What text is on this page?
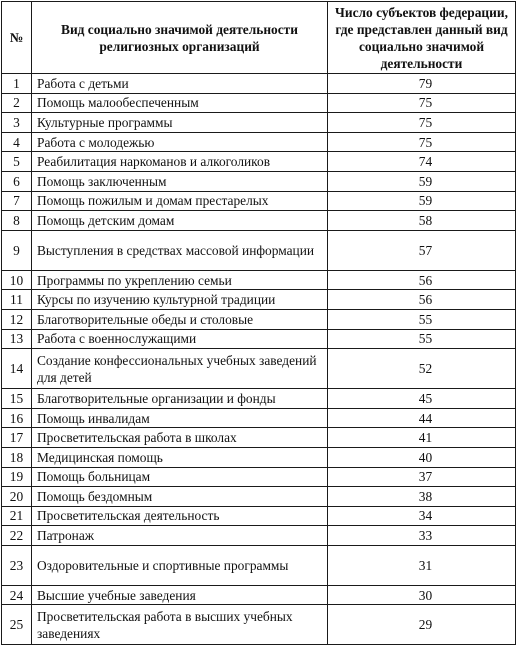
№	Вид социально значимой деятельности религиозных организаций	Число субъектов федерации, где представлен данный вид социально значимой деятельности
1	Работа с детьми	79
2	Помощь малообеспеченным	75
3	Культурные программы	75
4	Работа с молодежью	75
5	Реабилитация наркоманов и алкоголиков	74
6	Помощь заключенным	59
7	Помощь пожилым и домам престарелых	59
8	Помощь детским домам	58
9	Выступления в средствах массовой информации	57
10	Программы по укреплению семьи	56
11	Курсы по изучению культурной традиции	56
12	Благотворительные обеды и столовые	55
13	Работа с военнослужащими	55
14	Создание конфессиональных учебных заведений для детей	52
15	Благотворительные организации и фонды	45
16	Помощь инвалидам	44
17	Просветительская работа в школах	41
18	Медицинская помощь	40
19	Помощь больницам	37
20	Помощь бездомным	38
21	Просветительская деятельность	34
22	Патронаж	33
23	Оздоровительные и спортивные программы	31
24	Высшие учебные заведения	30
25	Просветительская работа в высших учебных заведениях	29
